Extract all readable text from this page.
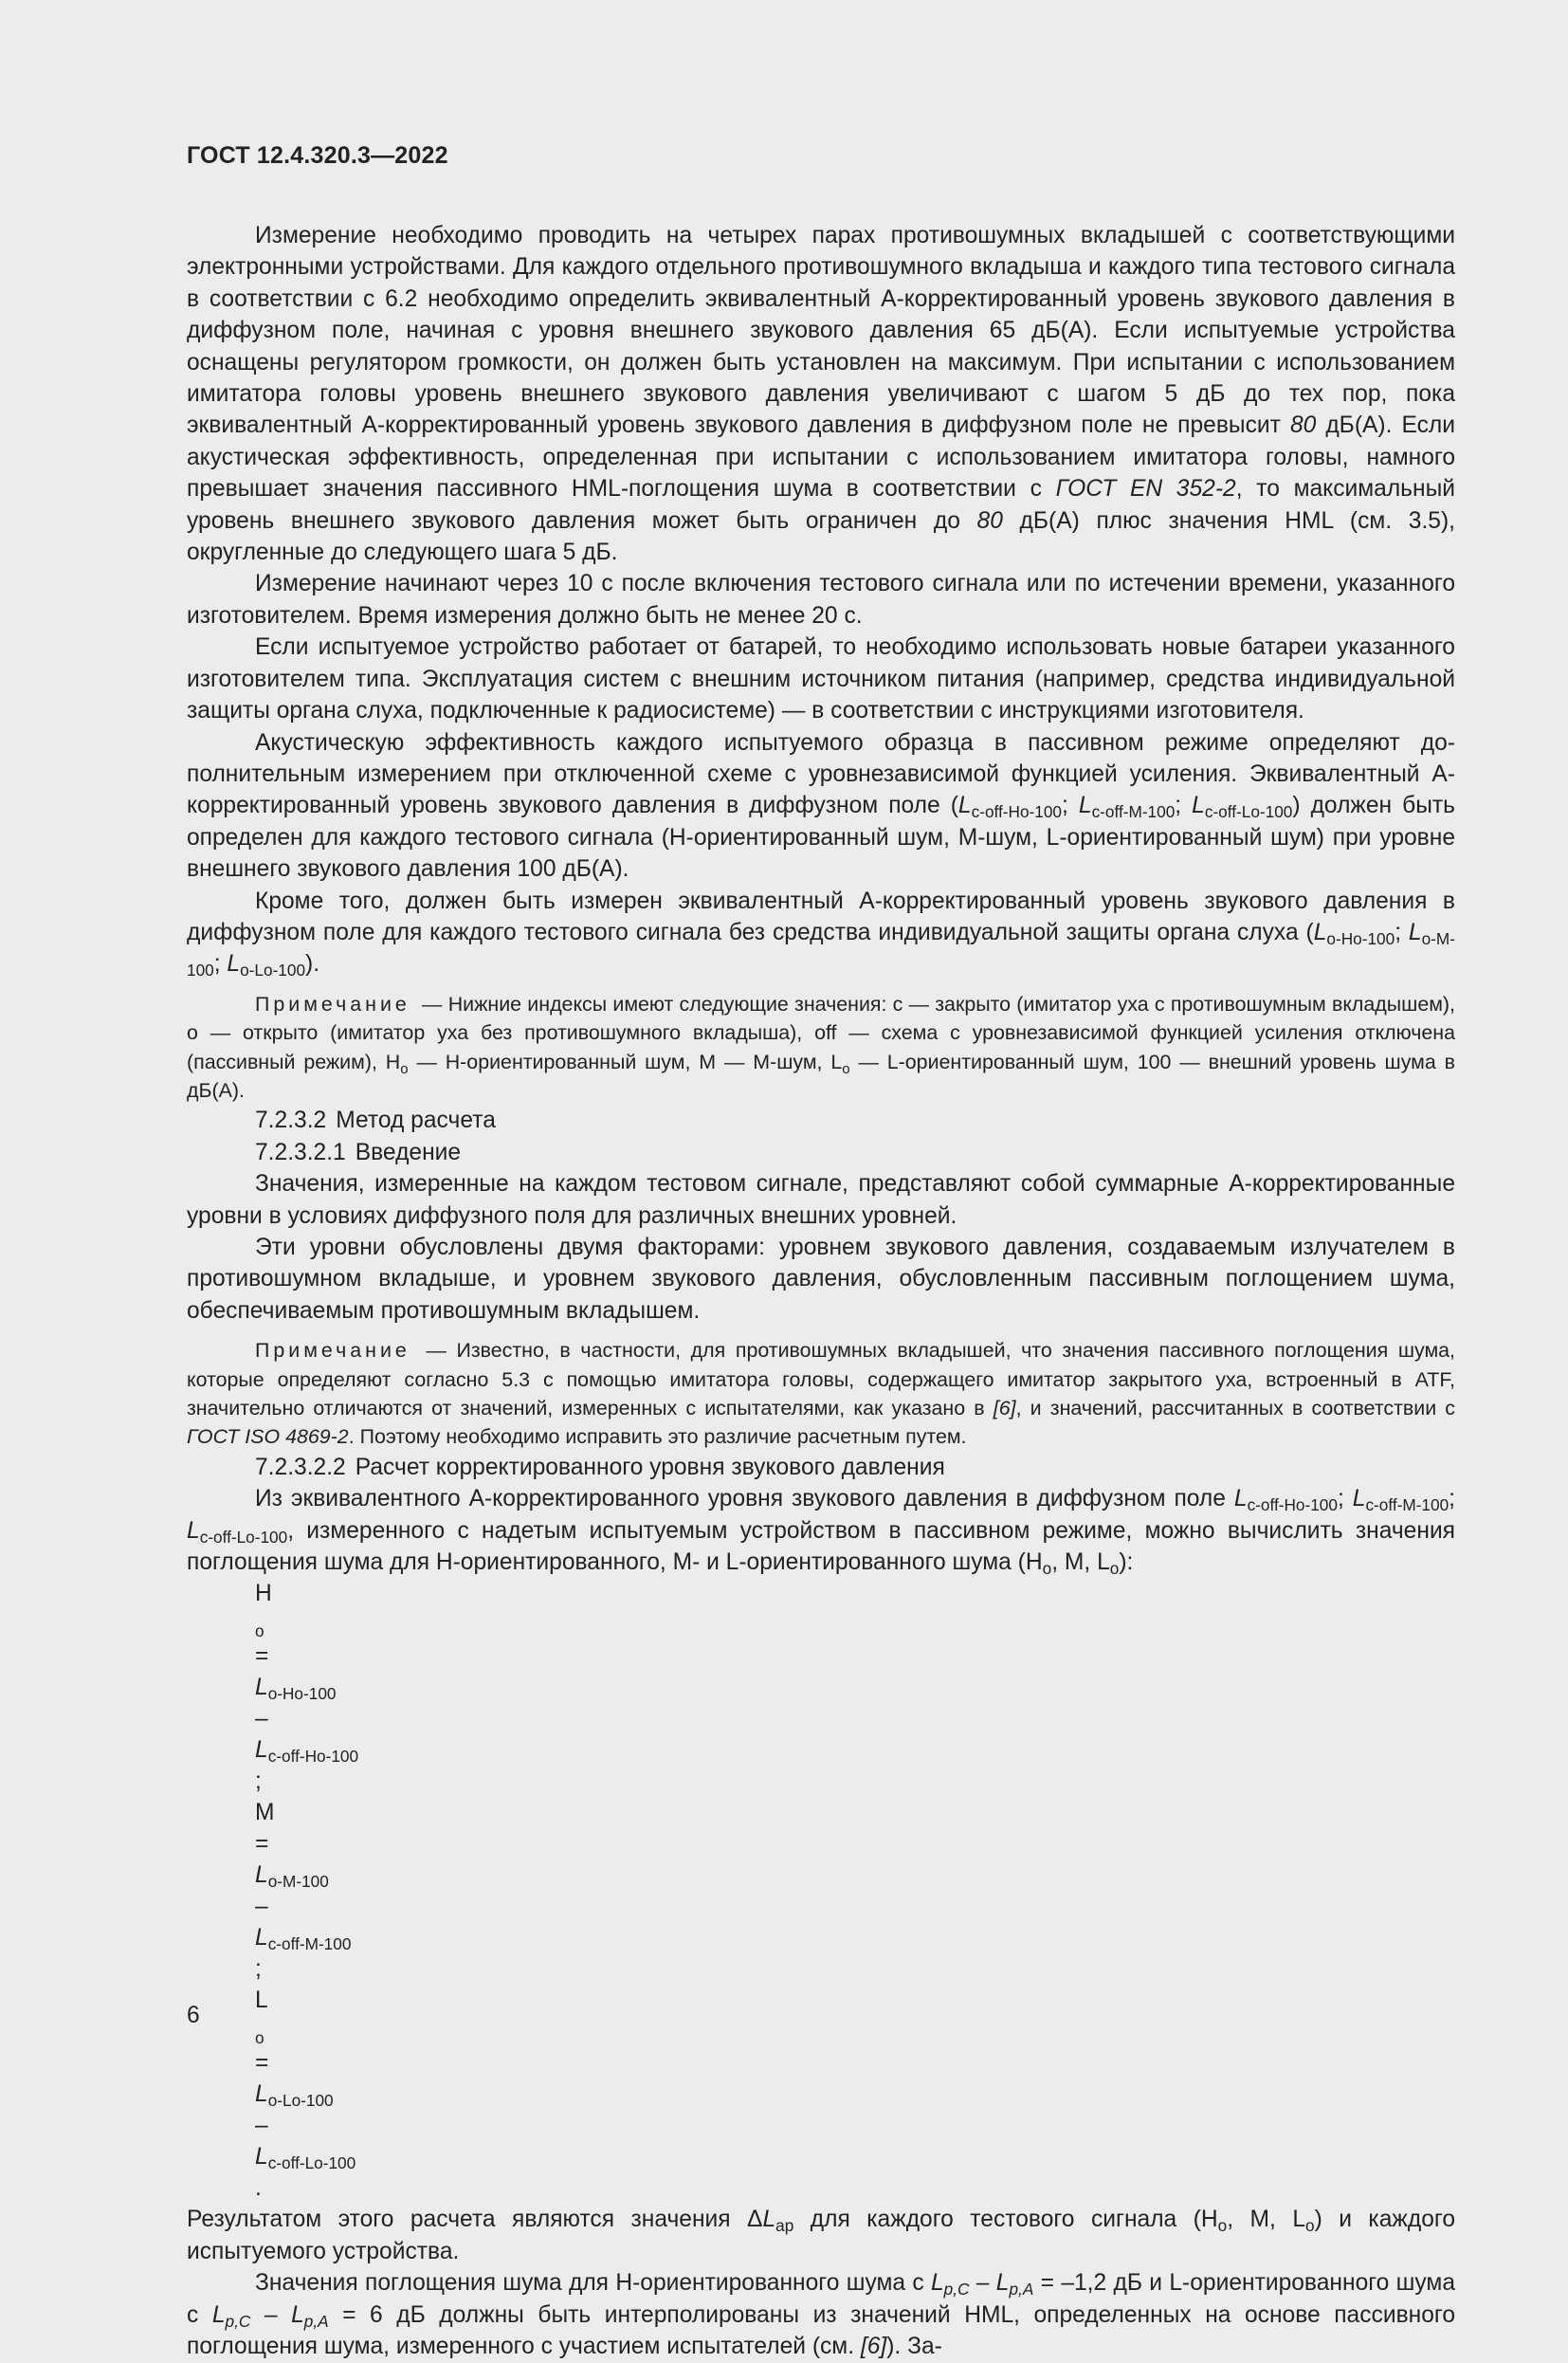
ГОСТ 12.4.320.3—2022

Измерение необходимо проводить на четырех парах противошумных вкладышей с соответствующими электронными устройствами. Для каждого отдельного противошумного вкладыша и каждого типа тестового сигнала в соответствии с 6.2 необходимо определить эквивалентный A-корректированный уровень звукового давления в диффузном поле, начиная с уровня внешнего звукового давления 65 дБ(А). Если испытуемые устройства оснащены регулятором громкости, он должен быть установлен на максимум. При испытании с использованием имитатора головы уровень внешнего звукового давления увеличивают с шагом 5 дБ до тех пор, пока эквивалентный A-корректированный уровень звукового давления в диффузном поле не превысит 80 дБ(А). Если акустическая эффективность, определенная при испытании с использованием имитатора головы, намного превышает значения пассивного HML-поглощения шума в соответствии с ГОСТ EN 352-2, то максимальный уровень внешнего звукового давления может быть ограничен до 80 дБ(А) плюс значения HML (см. 3.5), округленные до следующего шага 5 дБ.

Измерение начинают через 10 с после включения тестового сигнала или по истечении времени, указанного изготовителем. Время измерения должно быть не менее 20 с.

Если испытуемое устройство работает от батарей, то необходимо использовать новые батареи указанного изготовителем типа. Эксплуатация систем с внешним источником питания (например, средства индивидуальной защиты органа слуха, подключенные к радиосистеме) — в соответствии с инструкциями изготовителя.

Акустическую эффективность каждого испытуемого образца в пассивном режиме определяют дополнительным измерением при отключенной схеме с уровнезависимой функцией усиления. Эквивалентный A-корректированный уровень звукового давления в диффузном поле ($L_{c-off-Ho-100}$; $L_{c-off-M-100}$; $L_{c-off-Lo-100}$) должен быть определен для каждого тестового сигнала (H-ориентированный шум, M-шум, L-ориентированный шум) при уровне внешнего звукового давления 100 дБ(А).

Кроме того, должен быть измерен эквивалентный A-корректированный уровень звукового давления в диффузном поле для каждого тестового сигнала без средства индивидуальной защиты органа слуха ($L_{o-Ho-100}$; $L_{o-M-100}$; $L_{o-Lo-100}$).

Примечание — Нижние индексы имеют следующие значения: c — закрыто (имитатор уха с противошумным вкладышем), o — открыто (имитатор уха без противошумного вкладыша), off — схема с уровнезависимой функцией усиления отключена (пассивный режим), $H_o$ — H-ориентированный шум, M — M-шум, $L_o$ — L-ориентированный шум, 100 — внешний уровень шума в дБ(А).

7.2.3.2 Метод расчета

7.2.3.2.1 Введение

Значения, измеренные на каждом тестовом сигнале, представляют собой суммарные A-корректированные уровни в условиях диффузного поля для различных внешних уровней.

Эти уровни обусловлены двумя факторами: уровнем звукового давления, создаваемым излучателем в противошумном вкладыше, и уровнем звукового давления, обусловленным пассивным поглощением шума, обеспечиваемым противошумным вкладышем.

Примечание — Известно, в частности, для противошумных вкладышей, что значения пассивного поглощения шума, которые определяют согласно 5.3 с помощью имитатора головы, содержащего имитатор закрытого уха, встроенный в ATF, значительно отличаются от значений, измеренных с испытателями, как указано в [6], и значений, рассчитанных в соответствии с ГОСТ ISO 4869-2. Поэтому необходимо исправить это различие расчетным путем.

7.2.3.2.2 Расчет корректированного уровня звукового давления

Из эквивалентного A-корректированного уровня звукового давления в диффузном поле $L_{c-off-Ho-100}$; $L_{c-off-M-100}$; $L_{c-off-Lo-100}$, измеренного с надетым испытуемым устройством в пассивном режиме, можно вычислить значения поглощения шума для H-ориентированного, M- и L-ориентированного шума ($H_o$, M, $L_o$):

H
$_o$
=
$L_{o-Ho-100}$
–
$L_{c-off-Ho-100}$
;
M
=
$L_{o-M-100}$
–
$L_{c-off-M-100}$
;
L
$_o$
=
$L_{o-Lo-100}$
–
$L_{c-off-Lo-100}$
.

Результатом этого расчета являются значения $\Delta L_{ap}$ для каждого тестового сигнала ($H_o$, M, $L_o$) и каждого испытуемого устройства.

Значения поглощения шума для H-ориентированного шума с $L_{p,C} - L_{p,A} = -1,2$ дБ и L-ориентированного шума с $L_{p,C} - L_{p,A} = 6$ дБ должны быть интерполированы из значений HML, определенных на основе пассивного поглощения шума, измеренного с участием испытателей (см. [6]). За-

6
